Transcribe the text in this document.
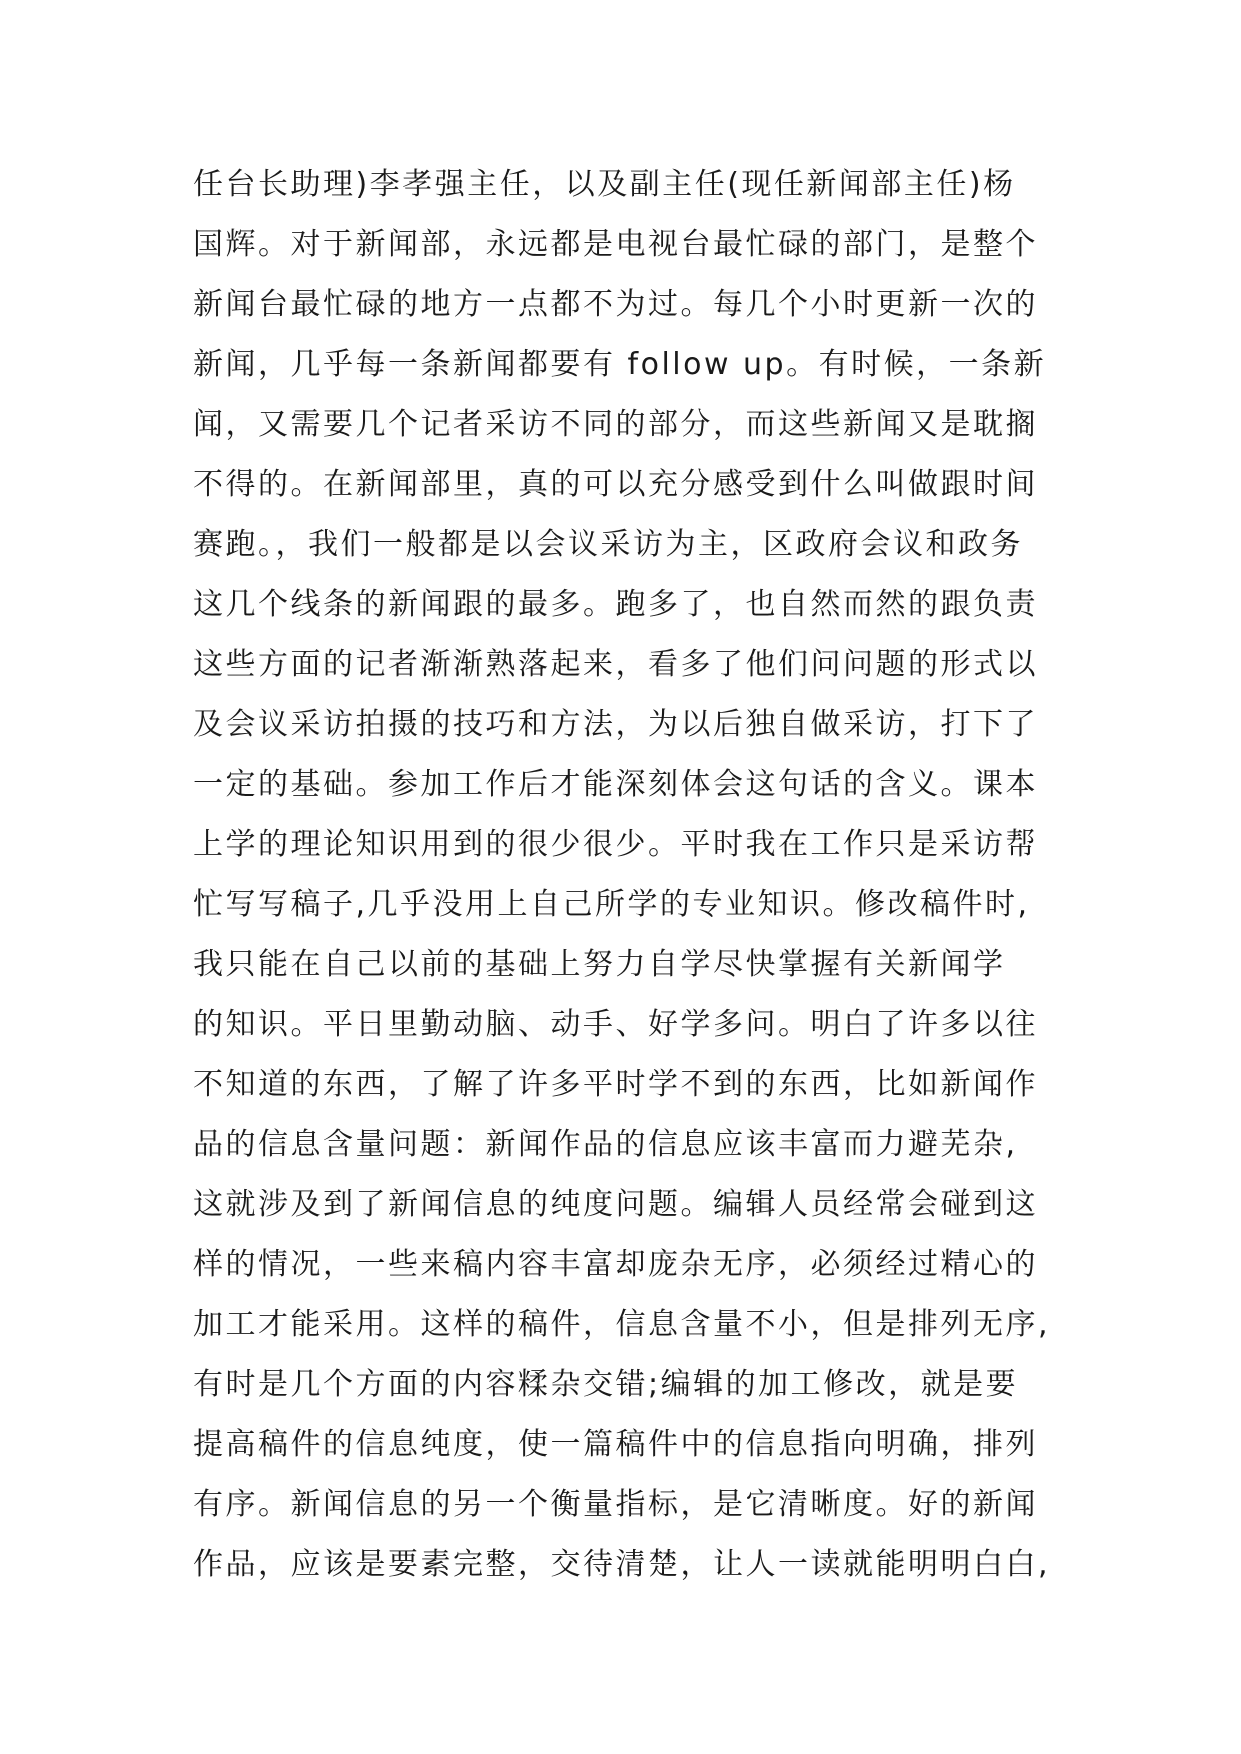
任台长助理)李孝强主任，以及副主任(现任新闻部主任)杨
国辉。对于新闻部，永远都是电视台最忙碌的部门，是整个
新闻台最忙碌的地方一点都不为过。每几个小时更新一次的
新闻，几乎每一条新闻都要有 follow up。有时候，一条新
闻，又需要几个记者采访不同的部分，而这些新闻又是耽搁
不得的。在新闻部里，真的可以充分感受到什么叫做跟时间
赛跑。，我们一般都是以会议采访为主，区政府会议和政务
这几个线条的新闻跟的最多。跑多了，也自然而然的跟负责
这些方面的记者渐渐熟落起来，看多了他们问问题的形式以
及会议采访拍摄的技巧和方法，为以后独自做采访，打下了
一定的基础。参加工作后才能深刻体会这句话的含义。课本
上学的理论知识用到的很少很少。平时我在工作只是采访帮
忙写写稿子,几乎没用上自己所学的专业知识。修改稿件时,
我只能在自己以前的基础上努力自学尽快掌握有关新闻学
的知识。平日里勤动脑、动手、好学多问。明白了许多以往
不知道的东西，了解了许多平时学不到的东西，比如新闻作
品的信息含量问题：新闻作品的信息应该丰富而力避芜杂,
这就涉及到了新闻信息的纯度问题。编辑人员经常会碰到这
样的情况，一些来稿内容丰富却庞杂无序，必须经过精心的
加工才能采用。这样的稿件，信息含量不小，但是排列无序,
有时是几个方面的内容糅杂交错;编辑的加工修改，就是要
提高稿件的信息纯度，使一篇稿件中的信息指向明确，排列
有序。新闻信息的另一个衡量指标，是它清晰度。好的新闻
作品，应该是要素完整，交待清楚，让人一读就能明明白白,
